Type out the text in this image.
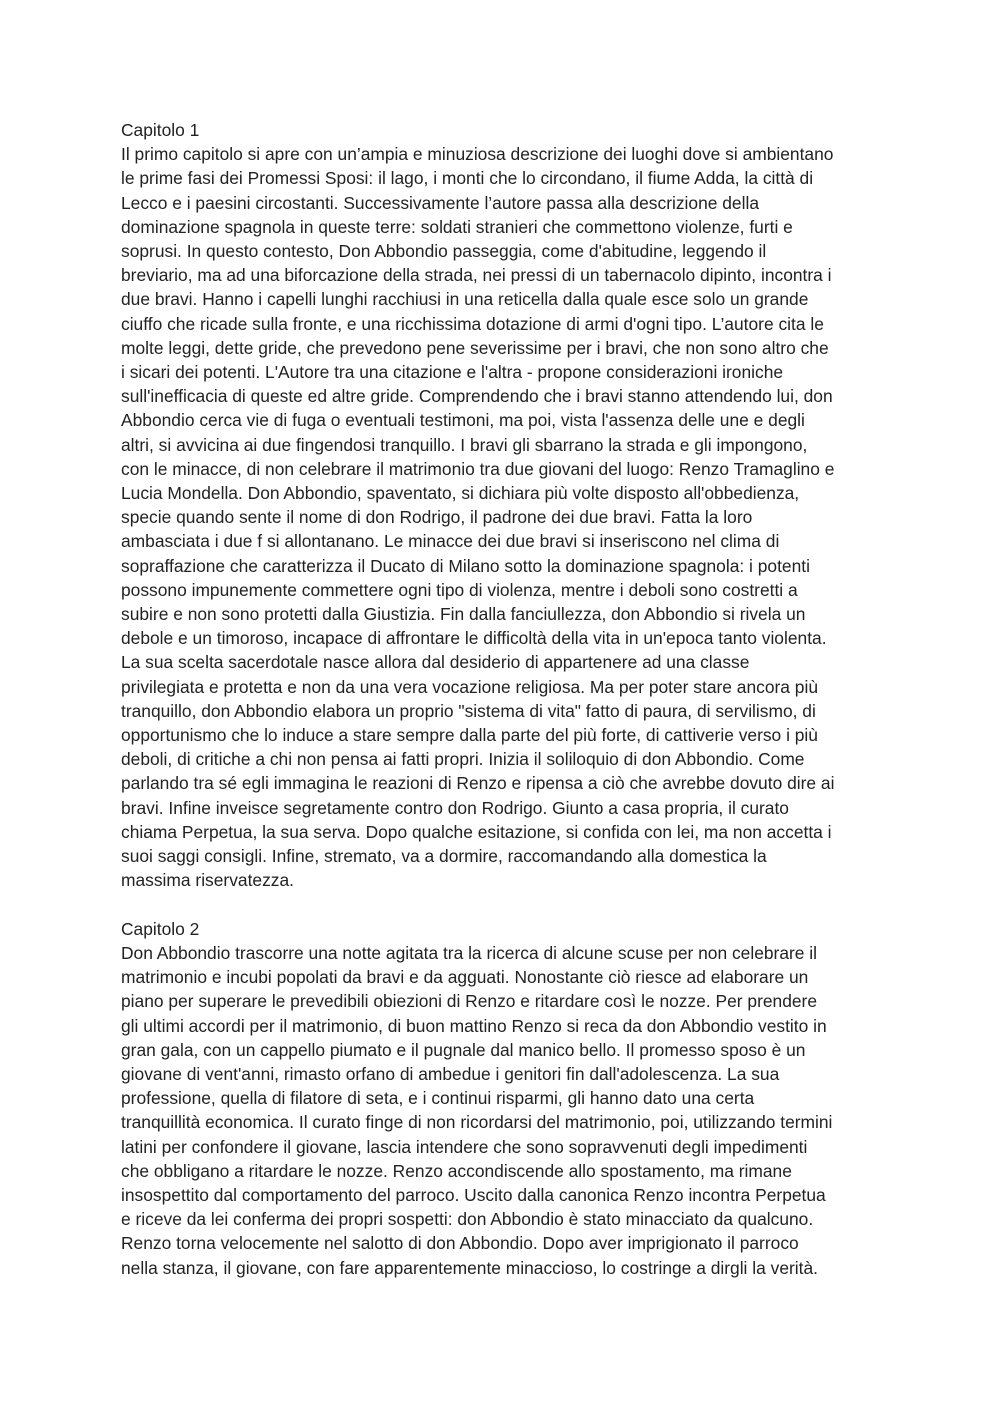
Capitolo 1
Il primo capitolo si apre con un’ampia e minuziosa descrizione dei luoghi dove si ambientano
le prime fasi dei Promessi Sposi: il lago, i monti che lo circondano, il fiume Adda, la città di
Lecco e i paesini circostanti. Successivamente l’autore passa alla descrizione della
dominazione spagnola in queste terre: soldati stranieri che commettono violenze, furti e
soprusi. In questo contesto, Don Abbondio passeggia, come d'abitudine, leggendo il
breviario, ma ad una biforcazione della strada, nei pressi di un tabernacolo dipinto, incontra i
due bravi. Hanno i capelli lunghi racchiusi in una reticella dalla quale esce solo un grande
ciuffo che ricade sulla fronte, e una ricchissima dotazione di armi d'ogni tipo. L’autore cita le
molte leggi, dette gride, che prevedono pene severissime per i bravi, che non sono altro che
i sicari dei potenti. L'Autore tra una citazione e l'altra - propone considerazioni ironiche
sull'inefficacia di queste ed altre gride. Comprendendo che i bravi stanno attendendo lui, don
Abbondio cerca vie di fuga o eventuali testimoni, ma poi, vista l'assenza delle une e degli
altri, si avvicina ai due fingendosi tranquillo. I bravi gli sbarrano la strada e gli impongono,
con le minacce, di non celebrare il matrimonio tra due giovani del luogo: Renzo Tramaglino e
Lucia Mondella. Don Abbondio, spaventato, si dichiara più volte disposto all'obbedienza,
specie quando sente il nome di don Rodrigo, il padrone dei due bravi. Fatta la loro
ambasciata i due f si allontanano. Le minacce dei due bravi si inseriscono nel clima di
sopraffazione che caratterizza il Ducato di Milano sotto la dominazione spagnola: i potenti
possono impunemente commettere ogni tipo di violenza, mentre i deboli sono costretti a
subire e non sono protetti dalla Giustizia. Fin dalla fanciullezza, don Abbondio si rivela un
debole e un timoroso, incapace di affrontare le difficoltà della vita in un'epoca tanto violenta.
La sua scelta sacerdotale nasce allora dal desiderio di appartenere ad una classe
privilegiata e protetta e non da una vera vocazione religiosa. Ma per poter stare ancora più
tranquillo, don Abbondio elabora un proprio "sistema di vita" fatto di paura, di servilismo, di
opportunismo che lo induce a stare sempre dalla parte del più forte, di cattiverie verso i più
deboli, di critiche a chi non pensa ai fatti propri. Inizia il soliloquio di don Abbondio. Come
parlando tra sé egli immagina le reazioni di Renzo e ripensa a ciò che avrebbe dovuto dire ai
bravi. Infine inveisce segretamente contro don Rodrigo. Giunto a casa propria, il curato
chiama Perpetua, la sua serva. Dopo qualche esitazione, si confida con lei, ma non accetta i
suoi saggi consigli. Infine, stremato, va a dormire, raccomandando alla domestica la
massima riservatezza.
Capitolo 2
Don Abbondio trascorre una notte agitata tra la ricerca di alcune scuse per non celebrare il
matrimonio e incubi popolati da bravi e da agguati. Nonostante ciò riesce ad elaborare un
piano per superare le prevedibili obiezioni di Renzo e ritardare così le nozze. Per prendere
gli ultimi accordi per il matrimonio, di buon mattino Renzo si reca da don Abbondio vestito in
gran gala, con un cappello piumato e il pugnale dal manico bello. Il promesso sposo è un
giovane di vent'anni, rimasto orfano di ambedue i genitori fin dall'adolescenza. La sua
professione, quella di filatore di seta, e i continui risparmi, gli hanno dato una certa
tranquillità economica. Il curato finge di non ricordarsi del matrimonio, poi, utilizzando termini
latini per confondere il giovane, lascia intendere che sono sopravvenuti degli impedimenti
che obbligano a ritardare le nozze. Renzo accondiscende allo spostamento, ma rimane
insospettito dal comportamento del parroco. Uscito dalla canonica Renzo incontra Perpetua
e riceve da lei conferma dei propri sospetti: don Abbondio è stato minacciato da qualcuno.
Renzo torna velocemente nel salotto di don Abbondio. Dopo aver imprigionato il parroco
nella stanza, il giovane, con fare apparentemente minaccioso, lo costringe a dirgli la verità.
